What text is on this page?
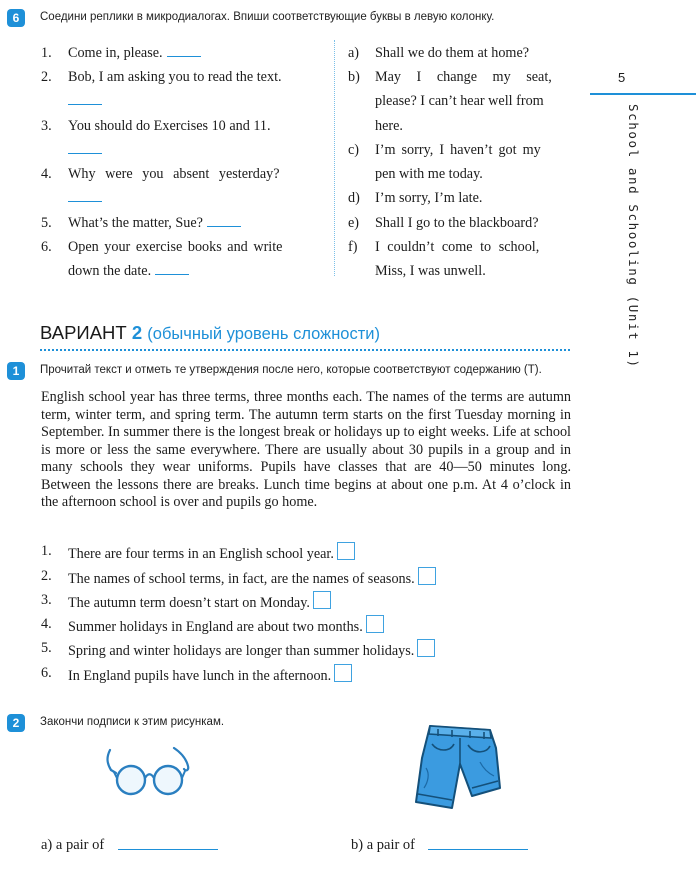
6	Соедини реплики в микродиалогах. Впиши соответствующие буквы в левую колонку.
1. Come in, please.
2. Bob, I am asking you to read the text.
3. You should do Exercises 10 and 11.
4. Why were you absent yesterday?
5. What’s the matter, Sue?
6. Open your exercise books and write
down the date.
a) Shall we do them at home?
b) May I change my seat,
please? I can’t hear well from
here.
c) I’m sorry, I haven’t got my
pen with me today.
d) I’m sorry, I’m late.
e) Shall I go to the blackboard?
f) I couldn’t come to school,
Miss, I was unwell.
5
School and Schooling (Unit 1)
ВАРИАНТ 2 (обычный уровень сложности)
1	Прочитай текст и отметь те утверждения после него, которые соответствуют содержанию (T).
English school year has three terms, three months each. The names of the terms are autumn term, winter term, and spring term. The autumn term starts on the first Tuesday morning in September. In summer there is the longest break or holidays up to eight weeks. Life at school is more or less the same everywhere. There are usually about 30 pupils in a group and in many schools they wear uniforms. Pupils have classes that are 40—50 minutes long. Between the lessons there are breaks. Lunch time begins at about one p.m. At 4 o’clock in the afternoon school is over and pupils go home.
1. There are four terms in an English school year.
2. The names of school terms, in fact, are the names of seasons.
3. The autumn term doesn’t start on Monday.
4. Summer holidays in England are about two months.
5. Spring and winter holidays are longer than summer holidays.
6. In England pupils have lunch in the afternoon.
2	Закончи подписи к этим рисункам.
a) a pair of	b) a pair of
